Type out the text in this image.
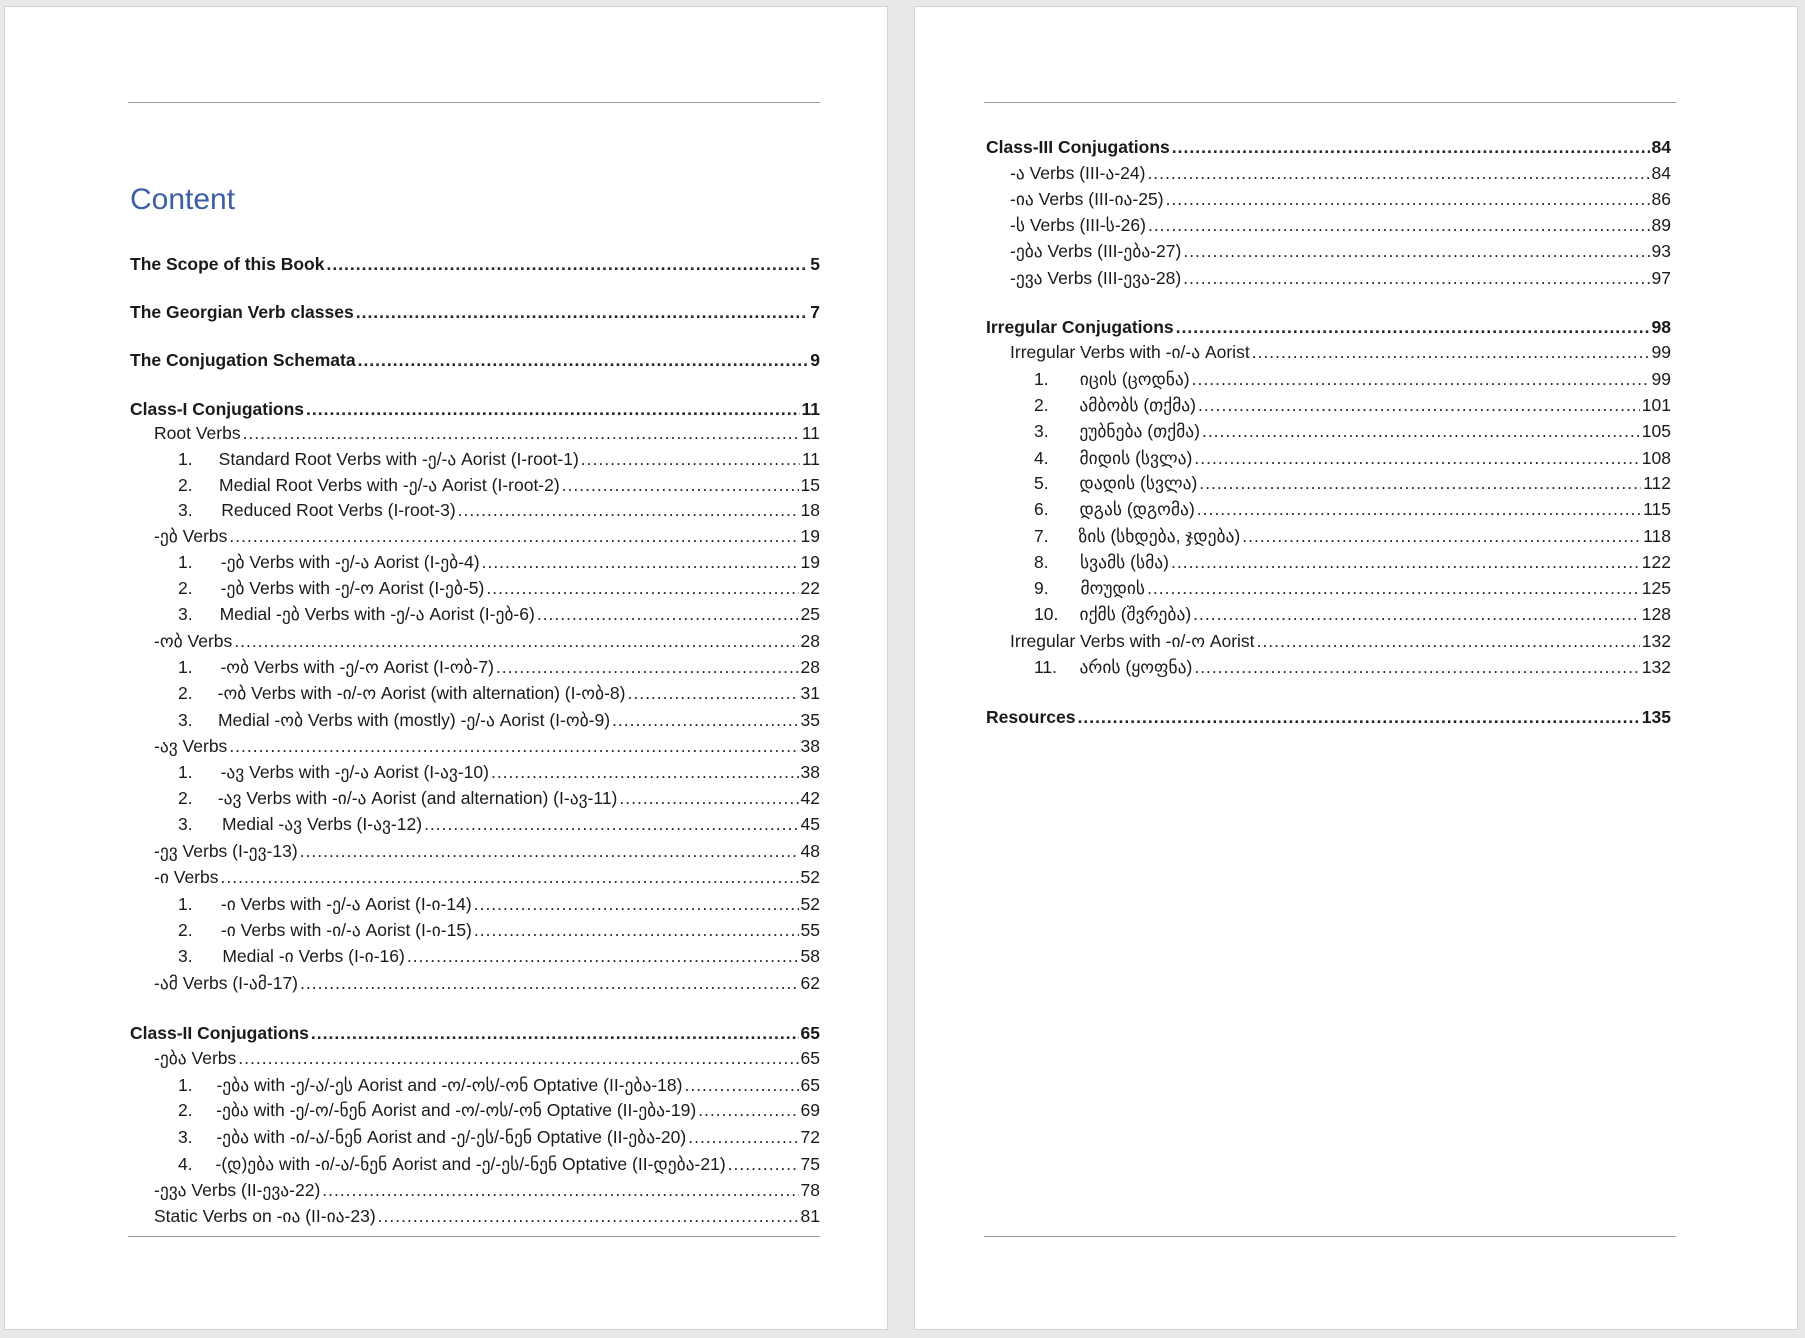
Content
The Scope of this Book .....	5
The Georgian Verb classes .....	7
The Conjugation Schemata .....	9
Class-I Conjugations .....	11
Root Verbs .....	11
1.	Standard Root Verbs with -ე/-ა Aorist (I-root-1) .....	11
2.	Medial Root Verbs with -ე/-ა Aorist (I-root-2) .....	15
3.	Reduced Root Verbs (I-root-3) .....	18
-ებ Verbs .....	19
1.	-ებ Verbs with -ე/-ა Aorist (I-ებ-4) .....	19
2.	-ებ Verbs with -ე/-ო Aorist (I-ებ-5) .....	22
3.	Medial -ებ Verbs with -ე/-ა Aorist (I-ებ-6) .....	25
-ობ Verbs .....	28
1.	-ობ Verbs with -ე/-ო Aorist (I-ობ-7) .....	28
2.	-ობ Verbs with -ი/-ო Aorist (with alternation) (I-ობ-8) .....	31
3.	Medial -ობ Verbs with (mostly) -ე/-ა Aorist (I-ობ-9) .....	35
-ავ Verbs .....	38
1.	-ავ Verbs with -ე/-ა Aorist (I-ავ-10) .....	38
2.	-ავ Verbs with -ი/-ა Aorist (and alternation) (I-ავ-11) .....	42
3.	Medial -ავ Verbs (I-ავ-12) .....	45
-ევ Verbs (I-ევ-13) .....	48
-ი Verbs .....	52
1.	-ი Verbs with -ე/-ა Aorist (I-ი-14) .....	52
2.	-ი Verbs with -ი/-ა Aorist (I-ი-15) .....	55
3.	Medial -ი Verbs (I-ი-16) .....	58
-ამ Verbs (I-ამ-17) .....	62
Class-II Conjugations .....	65
-ება Verbs .....	65
1.	-ება with -ე/-ა/-ეს Aorist and -ო/-ოს/-ონ Optative (II-ება-18) .....	65
2.	-ება with -ე/-ო/-ნენ Aorist and -ო/-ოს/-ონ Optative (II-ება-19) .....	69
3.	-ება with -ი/-ა/-ნენ Aorist and -ე/-ეს/-ნენ Optative (II-ება-20) .....	72
4.	-(დ)ება with -ი/-ა/-ნენ Aorist and -ე/-ეს/-ნენ Optative (II-დება-21) .....	75
-ევა Verbs (II-ევა-22) .....	78
Static Verbs on -ია (II-ია-23) .....	81
Class-III Conjugations .....	84
-ა Verbs (III-ა-24) .....	84
-ია Verbs (III-ია-25) .....	86
-ს Verbs (III-ს-26) .....	89
-ება Verbs (III-ება-27) .....	93
-ევა Verbs (III-ევა-28) .....	97
Irregular Conjugations .....	98
Irregular Verbs with -ი/-ა Aorist .....	99
1.	იცის (ცოდნა) .....	99
2.	ამბობს (თქმა) .....	101
3.	ეუბნება (თქმა) .....	105
4.	მიდის (სვლა) .....	108
5.	დადის (სვლა) .....	112
6.	დგას (დგომა) .....	115
7.	ზის (სხდება, ჯდება) .....	118
8.	სვამს (სმა) .....	122
9.	მოუდის .....	125
10.	იქმს (შვრება) .....	128
Irregular Verbs with -ი/-ო Aorist .....	132
11.	არის (ყოფნა) .....	132
Resources .....	135
